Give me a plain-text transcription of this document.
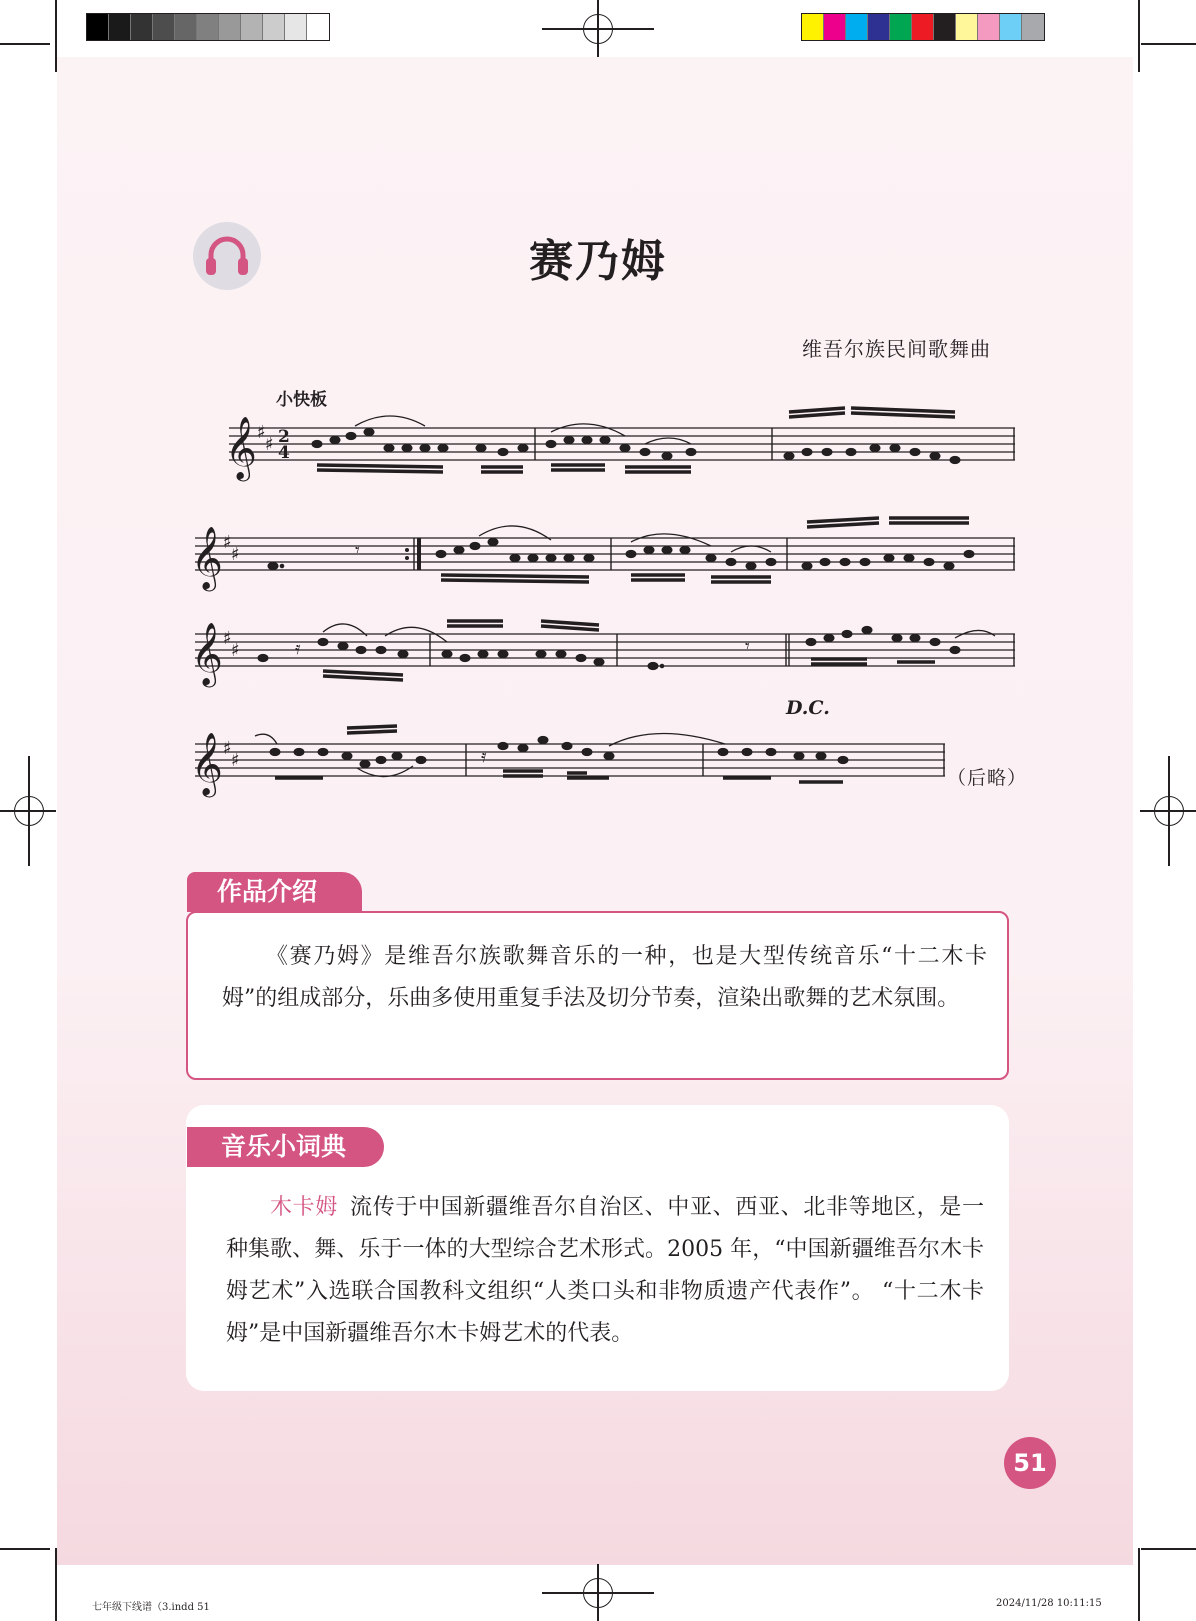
赛乃姆
维吾尔族民间歌舞曲
小快板
𝄞
𝄞
𝄞
𝄞
♯
♯
♯
♯
♯
♯
♯
♯
2
4
𝄾
𝄿	𝄾
𝄿
D.C.
（后略）
作品介绍

《赛乃姆》是维吾尔族歌舞音乐的一种，也是大型传统音乐“十二木卡姆”的组成部分，乐曲多使用重复手法及切分节奏，渲染出歌舞的艺术氛围。

音乐小词典

木卡姆 流传于中国新疆维吾尔自治区、中亚、西亚、北非等地区，是一种集歌、舞、乐于一体的大型综合艺术形式。2005 年，“中国新疆维吾尔木卡姆艺术”入选联合国教科文组织“人类口头和非物质遗产代表作”。 “十二木卡姆”是中国新疆维吾尔木卡姆艺术的代表。

51
七年级下线谱（3.indd 51	2024/11/28 10:11:15
